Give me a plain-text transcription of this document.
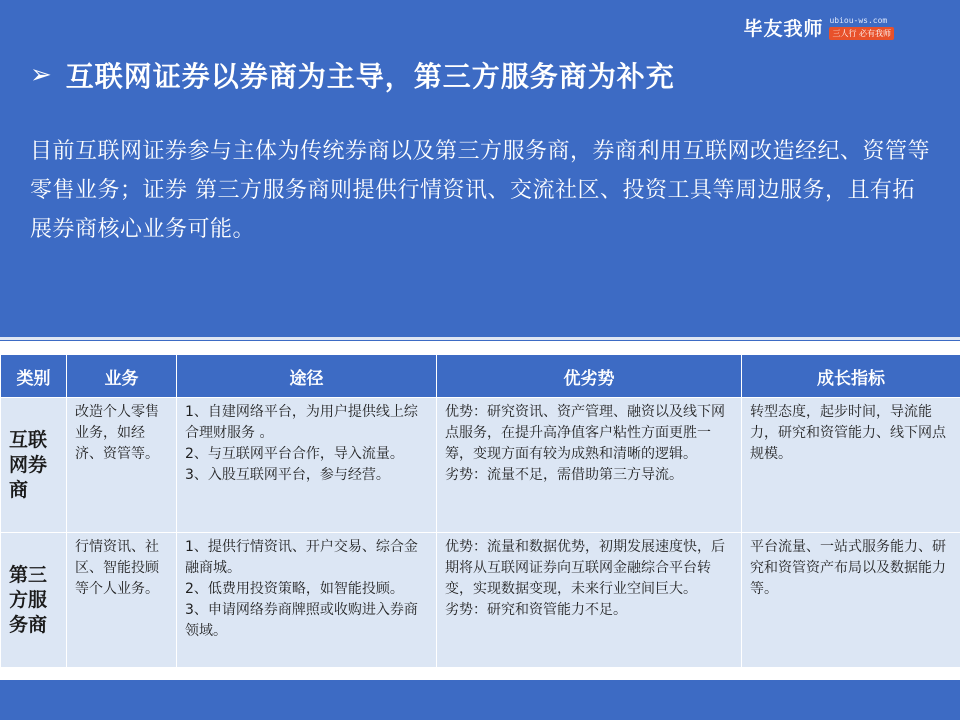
毕友我师 ubiou-ws.com
三人行 必有我师
➢ 互联网证券以券商为主导，第三方服务商为补充
目前互联网证券参与主体为传统券商以及第三方服务商，券商利用互联网改造经纪、资管等零售业务；证券 第三方服务商则提供行情资讯、交流社区、投资工具等周边服务，且有拓展券商核心业务可能。
类别	业务	途径	优劣势	成长指标
互联网券商	改造个人零售业务，如经济、资管等。	1、自建网络平台，为用户提供线上综合理财服务 。
2、与互联网平台合作，导入流量。
3、入股互联网平台，参与经营。	优势：研究资讯、资产管理、融资以及线下网点服务，在提升高净值客户粘性方面更胜一筹，变现方面有较为成熟和清晰的逻辑。
劣势：流量不足，需借助第三方导流。	转型态度，起步时间，导流能力，研究和资管能力、线下网点规模。
第三方服务商	行情资讯、社区、智能投顾等个人业务。	1、提供行情资讯、开户交易、综合金融商城。
2、低费用投资策略，如智能投顾。
3、申请网络券商牌照或收购进入券商领域。	优势：流量和数据优势，初期发展速度快，后期将从互联网证券向互联网金融综合平台转变，实现数据变现，未来行业空间巨大。
劣势：研究和资管能力不足。	平台流量、一站式服务能力、研究和资管资产布局以及数据能力等。
